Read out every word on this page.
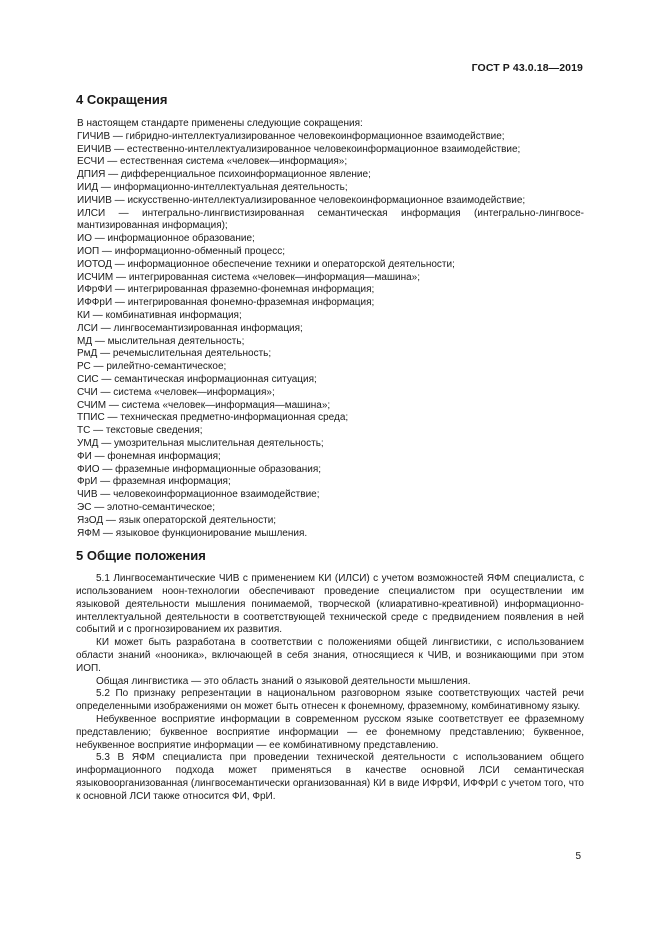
ГОСТ Р 43.0.18—2019
4 Сокращения

В настоящем стандарте применены следующие сокращения:

ГИЧИВ — гибридно-интеллектуализированное человекоинформационное взаимодействие;
ЕИЧИВ — естественно-интеллектуализированное человекоинформационное взаимодействие;
ЕСЧИ — естественная система «человек—информация»;
ДПИЯ — дифференциальное психоинформационное явление;
ИИД — информационно-интеллектуальная деятельность;
ИИЧИВ — искусственно-интеллектуализированное человекоинформационное взаимодействие;
ИЛСИ — интегрально-лингвистизированная семантическая информация (интегрально-лингвосе-мантизированная информация);
ИО — информационное образование;
ИОП — информационно-обменный процесс;
ИОТОД — информационное обеспечение техники и операторской деятельности;
ИСЧИМ — интегрированная система «человек—информация—машина»;
ИФрФИ — интегрированная фраземно-фонемная информация;
ИФФрИ — интегрированная фонемно-фраземная информация;
КИ — комбинативная информация;
ЛСИ — лингвосемантизированная информация;
МД — мыслительная деятельность;
РмД — речемыслительная деятельность;
РС — рилейтно-семантическое;
СИС — семантическая информационная ситуация;
СЧИ — система «человек—информация»;
СЧИМ — система «человек—информация—машина»;
ТПИС — техническая предметно-информационная среда;
ТС — текстовые сведения;
УМД — умозрительная мыслительная деятельность;
ФИ — фонемная информация;
ФИО — фраземные информационные образования;
ФрИ — фраземная информация;
ЧИВ — человекоинформационное взаимодействие;
ЭС — элотно-семантическое;
ЯзОД — язык операторской деятельности;
ЯФМ — языковое функционирование мышления.
5 Общие положения

5.1 Лингвосемантические ЧИВ с применением КИ (ИЛСИ) с учетом возможностей ЯФМ специалиста, с использованием ноон-технологии обеспечивают проведение специалистом при осуществлении им языковой деятельности мышления понимаемой, творческой (клиаративно-креативной) информационно-интеллектуальной деятельности в соответствующей технической среде с предвидением появления в ней событий и с прогнозированием их развития.

КИ может быть разработана в соответствии с положениями общей лингвистики, с использованием области знаний «ноoника», включающей в себя знания, относящиеся к ЧИВ, и возникающими при этом ИОП.

Общая лингвистика — это область знаний о языковой деятельности мышления.

5.2 По признаку репрезентации в национальном разговорном языке соответствующих частей речи определенными изображениями он может быть отнесен к фонемному, фраземному, комбинативному языку.

Небуквенное восприятие информации в современном русском языке соответствует ее фраземному представлению; буквенное восприятие информации — ее фонемному представлению; буквенное, небуквенное восприятие информации — ее комбинативному представлению.

5.3 В ЯФМ специалиста при проведении технической деятельности с использованием общего информационного подхода может применяться в качестве основной ЛСИ семантическая языковоорганизованная (лингвосемантически организованная) КИ в виде ИФрФИ, ИФФрИ с учетом того, что к основной ЛСИ также относится ФИ, ФрИ.

5
